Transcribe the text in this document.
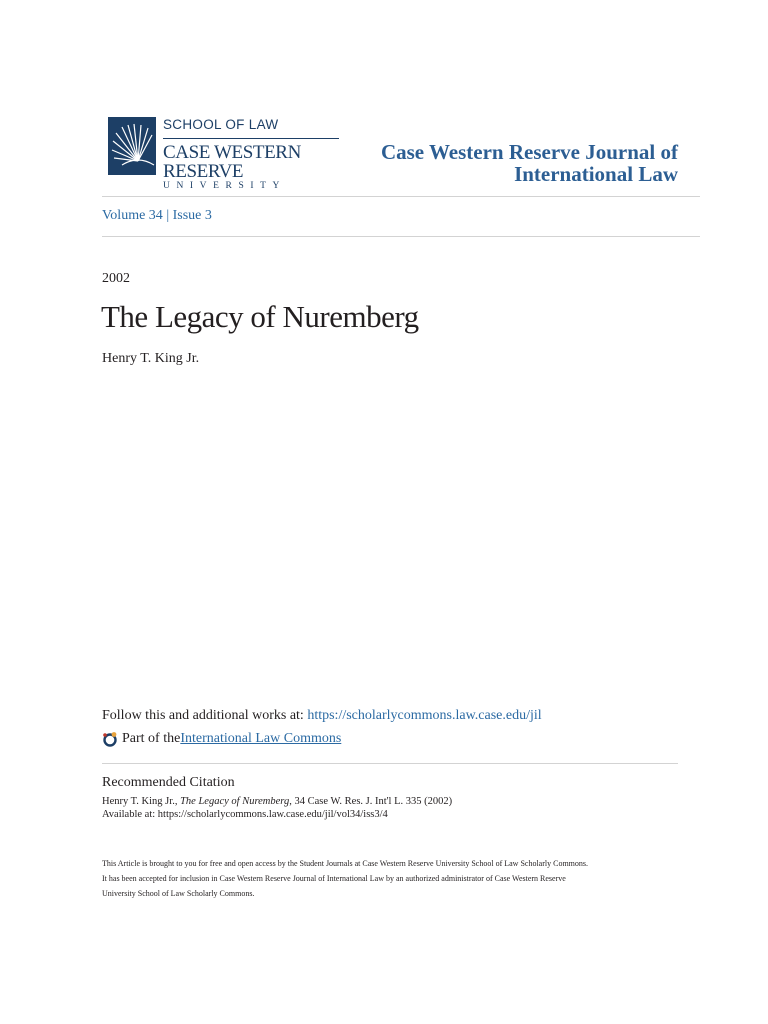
SCHOOL OF LAW
CASE WESTERN RESERVE
UNIVERSITY
Case Western Reserve Journal of
International Law
Volume 34 | Issue 3
2002
The Legacy of Nuremberg
Henry T. King Jr.
Follow this and additional works at: https://scholarlycommons.law.case.edu/jil
Part of the International Law Commons
Recommended Citation
Henry T. King Jr., The Legacy of Nuremberg, 34 Case W. Res. J. Int'l L. 335 (2002)
Available at: https://scholarlycommons.law.case.edu/jil/vol34/iss3/4
This Article is brought to you for free and open access by the Student Journals at Case Western Reserve University School of Law Scholarly Commons.
It has been accepted for inclusion in Case Western Reserve Journal of International Law by an authorized administrator of Case Western Reserve
University School of Law Scholarly Commons.
